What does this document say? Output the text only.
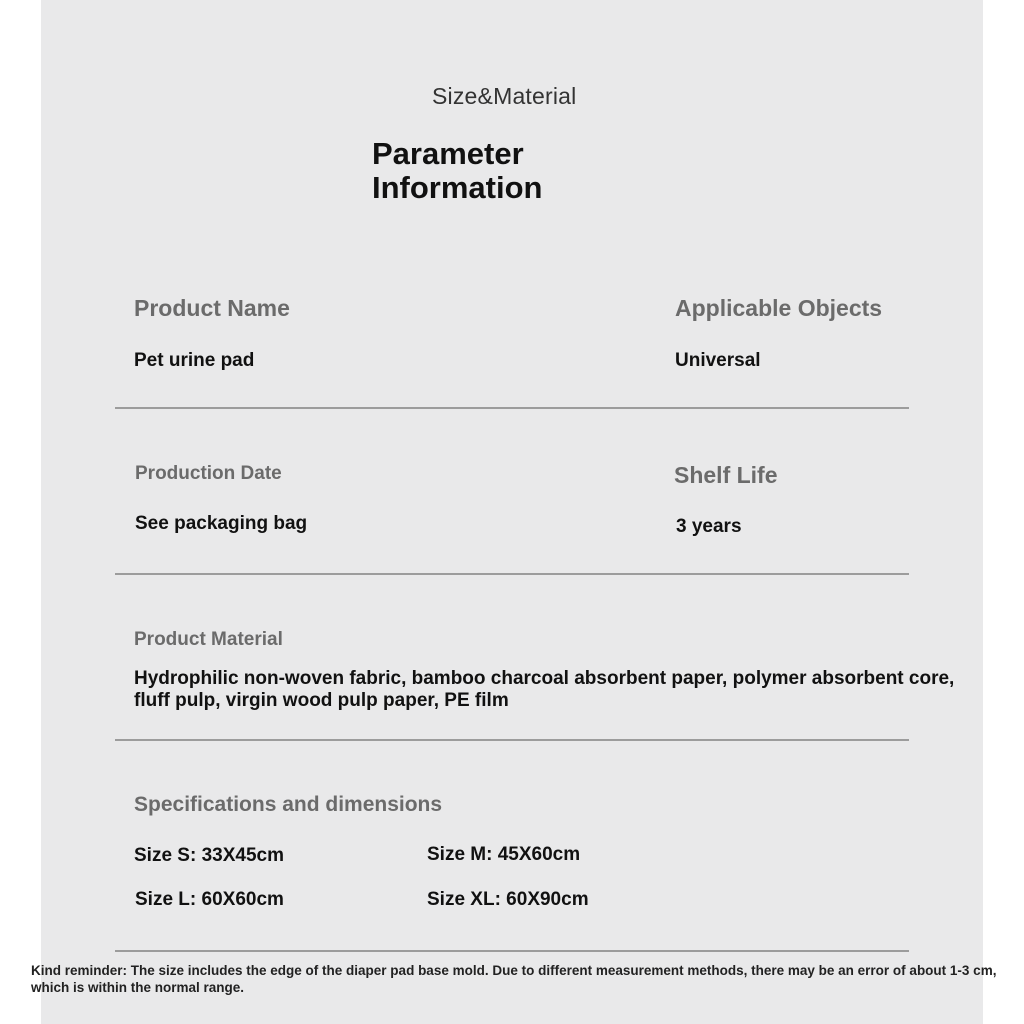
Size&Material
Parameter
Information
Product Name
Pet urine pad
Applicable Objects
Universal
Production Date
See packaging bag
Shelf Life
3 years
Product Material
Hydrophilic non-woven fabric, bamboo charcoal absorbent paper, polymer absorbent core, fluff pulp, virgin wood pulp paper, PE film
Specifications and dimensions
Size S: 33X45cm	Size M: 45X60cm
Size L: 60X60cm	Size XL: 60X90cm
Kind reminder: The size includes the edge of the diaper pad base mold. Due to different measurement methods, there may be an error of about 1-3 cm, which is within the normal range.
